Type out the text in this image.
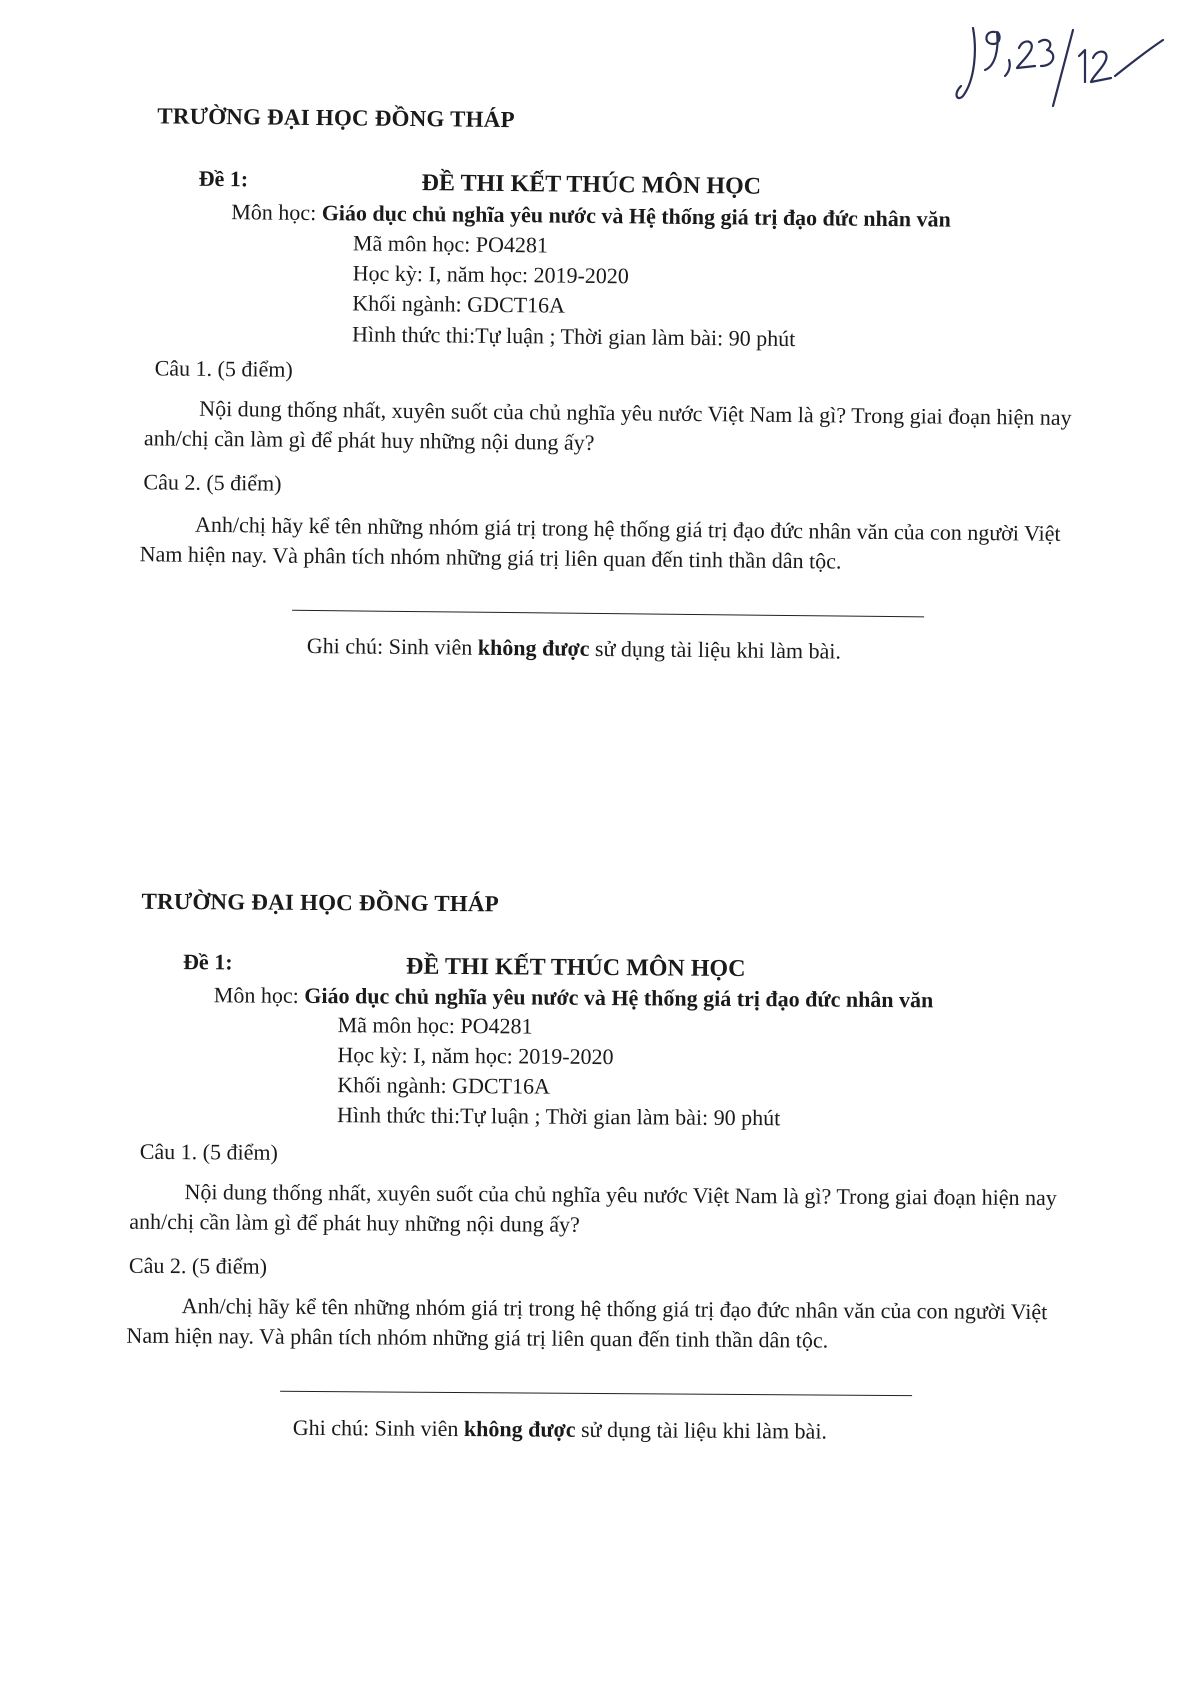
TRƯỜNG ĐẠI HỌC ĐỒNG THÁP
Đề 1:	ĐỀ THI KẾT THÚC MÔN HỌC
Môn học: Giáo dục chủ nghĩa yêu nước và Hệ thống giá trị đạo đức nhân văn
Mã môn học: PO4281
Học kỳ: I, năm học: 2019-2020
Khối ngành: GDCT16A
Hình thức thi:Tự luận ; Thời gian làm bài: 90 phút
Câu 1. (5 điểm)
Nội dung thống nhất, xuyên suốt của chủ nghĩa yêu nước Việt Nam là gì? Trong giai đoạn hiện nay anh/chị cần làm gì để phát huy những nội dung ấy?
Câu 2. (5 điểm)
Anh/chị hãy kể tên những nhóm giá trị trong hệ thống giá trị đạo đức nhân văn của con người Việt Nam hiện nay. Và phân tích nhóm những giá trị liên quan đến tinh thần dân tộc.
Ghi chú: Sinh viên không được sử dụng tài liệu khi làm bài.
TRƯỜNG ĐẠI HỌC ĐỒNG THÁP
Đề 1:	ĐỀ THI KẾT THÚC MÔN HỌC
Môn học: Giáo dục chủ nghĩa yêu nước và Hệ thống giá trị đạo đức nhân văn
Mã môn học: PO4281
Học kỳ: I, năm học: 2019-2020
Khối ngành: GDCT16A
Hình thức thi:Tự luận ; Thời gian làm bài: 90 phút
Câu 1. (5 điểm)
Nội dung thống nhất, xuyên suốt của chủ nghĩa yêu nước Việt Nam là gì? Trong giai đoạn hiện nay anh/chị cần làm gì để phát huy những nội dung ấy?
Câu 2. (5 điểm)
Anh/chị hãy kể tên những nhóm giá trị trong hệ thống giá trị đạo đức nhân văn của con người Việt Nam hiện nay. Và phân tích nhóm những giá trị liên quan đến tinh thần dân tộc.
Ghi chú: Sinh viên không được sử dụng tài liệu khi làm bài.
